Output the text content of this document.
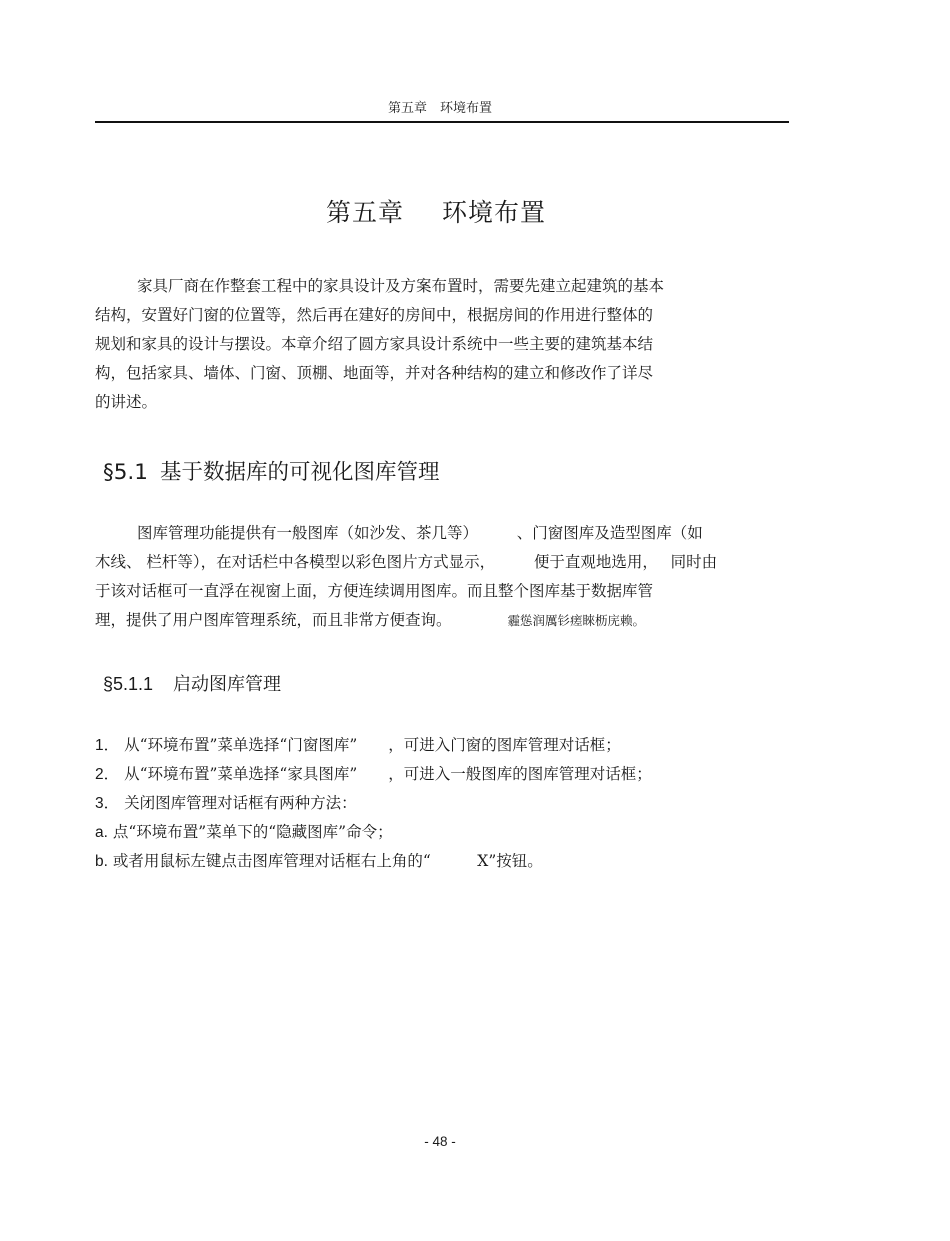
第五章　环境布置
第五章 环境布置
家具厂商在作整套工程中的家具设计及方案布置时，需要先建立起建筑的基本
结构，安置好门窗的位置等，然后再在建好的房间中，根据房间的作用进行整体的
规划和家具的设计与摆设。本章介绍了圆方家具设计系统中一些主要的建筑基本结
构，包括家具、墙体、门窗、顶棚、地面等，并对各种结构的建立和修改作了详尽
的讲述。
§5.1 基于数据库的可视化图库管理
图库管理功能提供有一般图库（如沙发、茶几等）　　　、门窗图库及造型图库（如
木线、 栏杆等），在对话栏中各模型以彩色图片方式显示，　　　便于直观地选用，　 同时由
于该对话框可一直浮在视窗上面，方便连续调用图库。而且整个图库基于数据库管
理，提供了用户图库管理系统，而且非常方便查询。	霾慫润厲钐瘥睞枥庑赖。
§5.1.1 启动图库管理
1． 从“环境布置”菜单选择“门窗图库”　　，可进入门窗的图库管理对话框；
2． 从“环境布置”菜单选择“家具图库”　　，可进入一般图库的图库管理对话框；
3． 关闭图库管理对话框有两种方法：
a. 点“环境布置”菜单下的“隐藏图库”命令；
b. 或者用鼠标左键点击图库管理对话框右上角的“　　　X”按钮。
- 48 -
